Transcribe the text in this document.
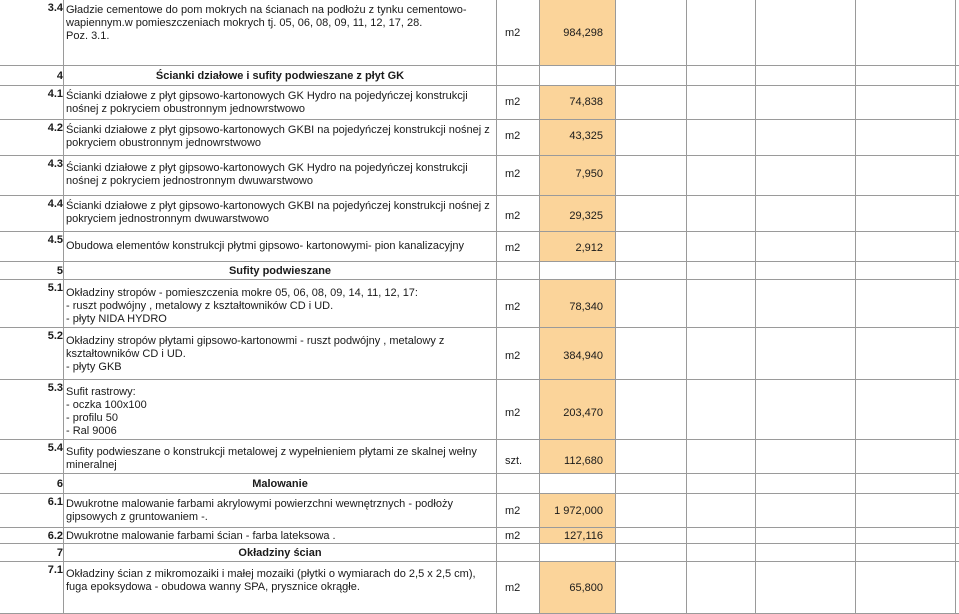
3.4 Gładzie cementowe do pom mokrych na ścianach na podłożu z tynku cementowo-wapiennym.w pomieszczeniach mokrych tj. 05, 06, 08, 09, 11, 12, 17, 28.
Poz. 3.1.	m2	984,298
4	Ścianki działowe i sufity podwieszane z płyt GK
4.1 Ścianki działowe z płyt gipsowo-kartonowych GK Hydro na pojedyńczej konstrukcji nośnej z pokryciem obustronnym jednowrstwowo
m2	74,838
4.2 Ścianki działowe z płyt gipsowo-kartonowych GKBI na pojedyńczej konstrukcji nośnej z pokryciem obustronnym jednowrstwowo
m2	43,325
4.3 Ścianki działowe z płyt gipsowo-kartonowych GK Hydro na pojedyńczej konstrukcji nośnej z pokryciem jednostronnym dwuwarstwowo
m2	7,950
4.4 Ścianki działowe z płyt gipsowo-kartonowych GKBI na pojedyńczej konstrukcji nośnej z pokryciem jednostronnym dwuwarstwowo	m2	29,325
4.5 Obudowa elementów konstrukcji płytmi gipsowo- kartonowymi- pion kanalizacyjny	m2	2,912
5	Sufity podwieszane
5.1 Okładziny stropów - pomieszczenia mokre 05, 06, 08, 09, 14, 11, 12, 17:
- ruszt podwójny , metalowy z kształtowników CD i UD.
- płyty NIDA HYDRO
m2	78,340
5.2 Okładziny stropów płytami gipsowo-kartonowmi - ruszt podwójny , metalowy z kształtowników CD i UD.
- płyty GKB
m2	384,940
5.3 Sufit rastrowy:
- oczka 100x100
- profilu 50
- Ral 9006
m2	203,470
5.4 Sufity podwieszane o konstrukcji metalowej z wypełnieniem płytami ze skalnej wełny mineralnej	szt.	112,680
6	Malowanie
6.1 Dwukrotne malowanie farbami akrylowymi powierzchni wewnętrznych - podłoży gipsowych z gruntowaniem -.	m2	1 972,000
6.2 Dwukrotne malowanie farbami ścian - farba lateksowa .	m2	127,116
7	Okładziny ścian
7.1 Okładziny ścian z mikromozaiki i małej mozaiki (płytki o wymiarach do 2,5 x 2,5 cm), fuga epoksydowa - obudowa wanny SPA, prysznice okrągłe.	m2	65,800
